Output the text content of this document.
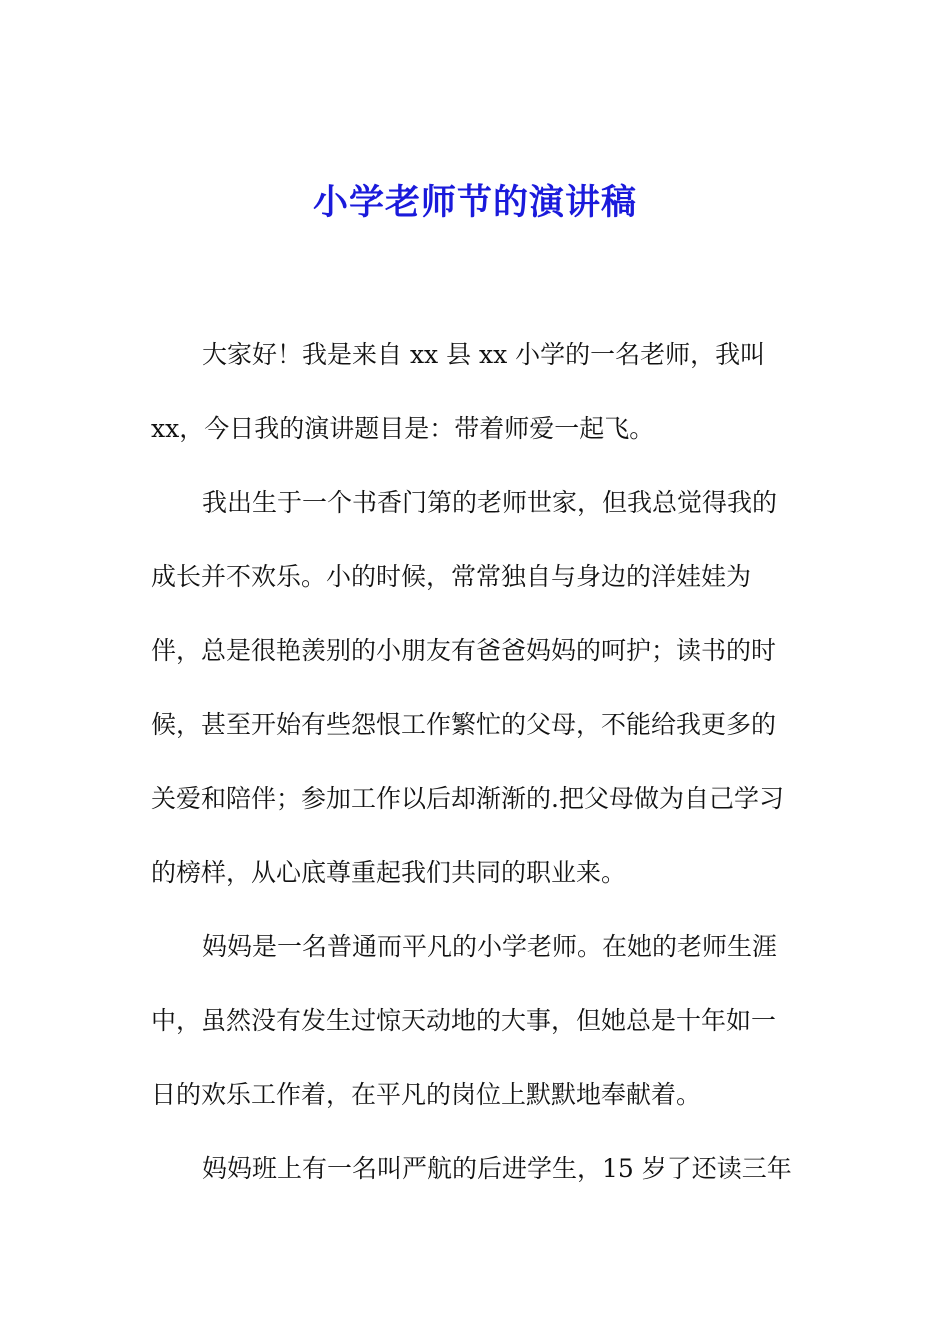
小学老师节的演讲稿
大家好！我是来自 xx 县 xx 小学的一名老师，我叫
xx，今日我的演讲题目是：带着师爱一起飞。
我出生于一个书香门第的老师世家，但我总觉得我的
成长并不欢乐。小的时候，常常独自与身边的洋娃娃为
伴，总是很艳羡别的小朋友有爸爸妈妈的呵护；读书的时
候，甚至开始有些怨恨工作繁忙的父母，不能给我更多的
关爱和陪伴；参加工作以后却渐渐的.把父母做为自己学习
的榜样，从心底尊重起我们共同的职业来。
妈妈是一名普通而平凡的小学老师。在她的老师生涯
中，虽然没有发生过惊天动地的大事，但她总是十年如一
日的欢乐工作着，在平凡的岗位上默默地奉献着。
妈妈班上有一名叫严航的后进学生，15 岁了还读三年
